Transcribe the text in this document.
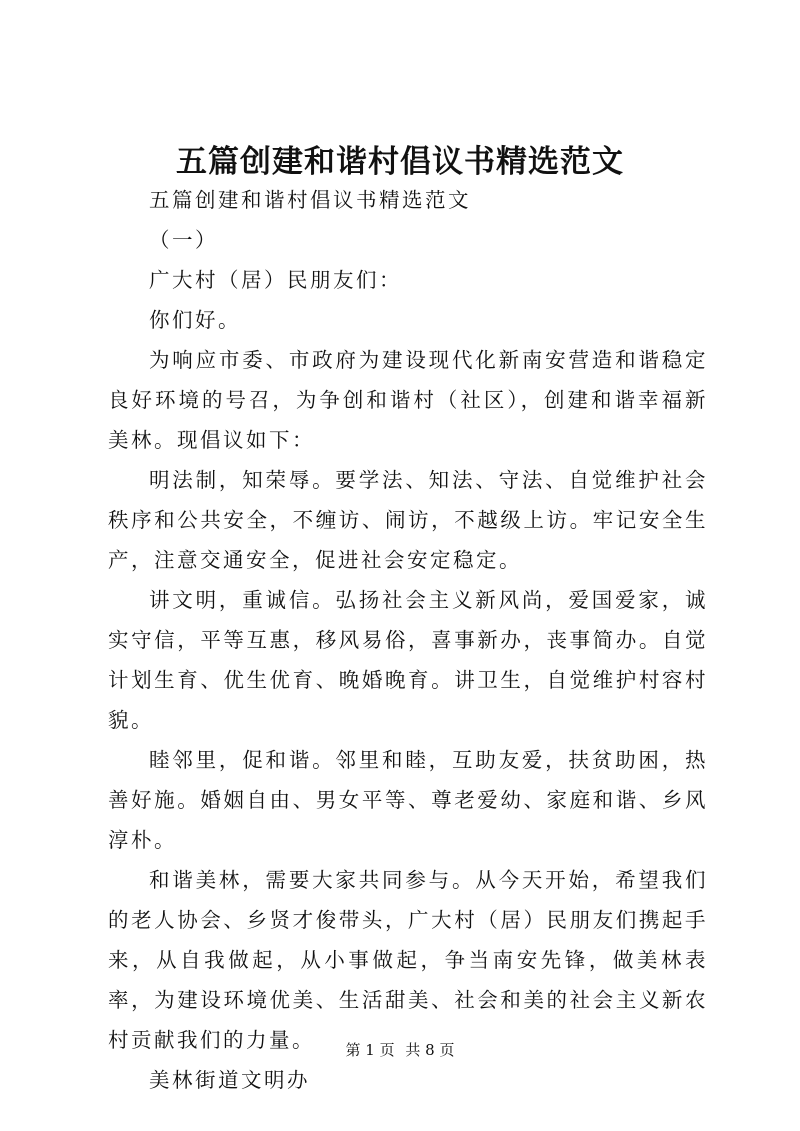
五篇创建和谐村倡议书精选范文

五篇创建和谐村倡议书精选范文

（一）

广大村（居）民朋友们：

你们好。

为响应市委、市政府为建设现代化新南安营造和谐稳定良好环境的号召，为争创和谐村（社区），创建和谐幸福新美林。现倡议如下：

明法制，知荣辱。要学法、知法、守法、自觉维护社会秩序和公共安全，不缠访、闹访，不越级上访。牢记安全生产，注意交通安全，促进社会安定稳定。

讲文明，重诚信。弘扬社会主义新风尚，爱国爱家，诚实守信，平等互惠，移风易俗，喜事新办，丧事简办。自觉计划生育、优生优育、晚婚晚育。讲卫生，自觉维护村容村貌。

睦邻里，促和谐。邻里和睦，互助友爱，扶贫助困，热善好施。婚姻自由、男女平等、尊老爱幼、家庭和谐、乡风淳朴。

和谐美林，需要大家共同参与。从今天开始，希望我们的老人协会、乡贤才俊带头，广大村（居）民朋友们携起手来，从自我做起，从小事做起，争当南安先锋，做美林表率，为建设环境优美、生活甜美、社会和美的社会主义新农村贡献我们的力量。

美林街道文明办

第 1 页 共 8 页
